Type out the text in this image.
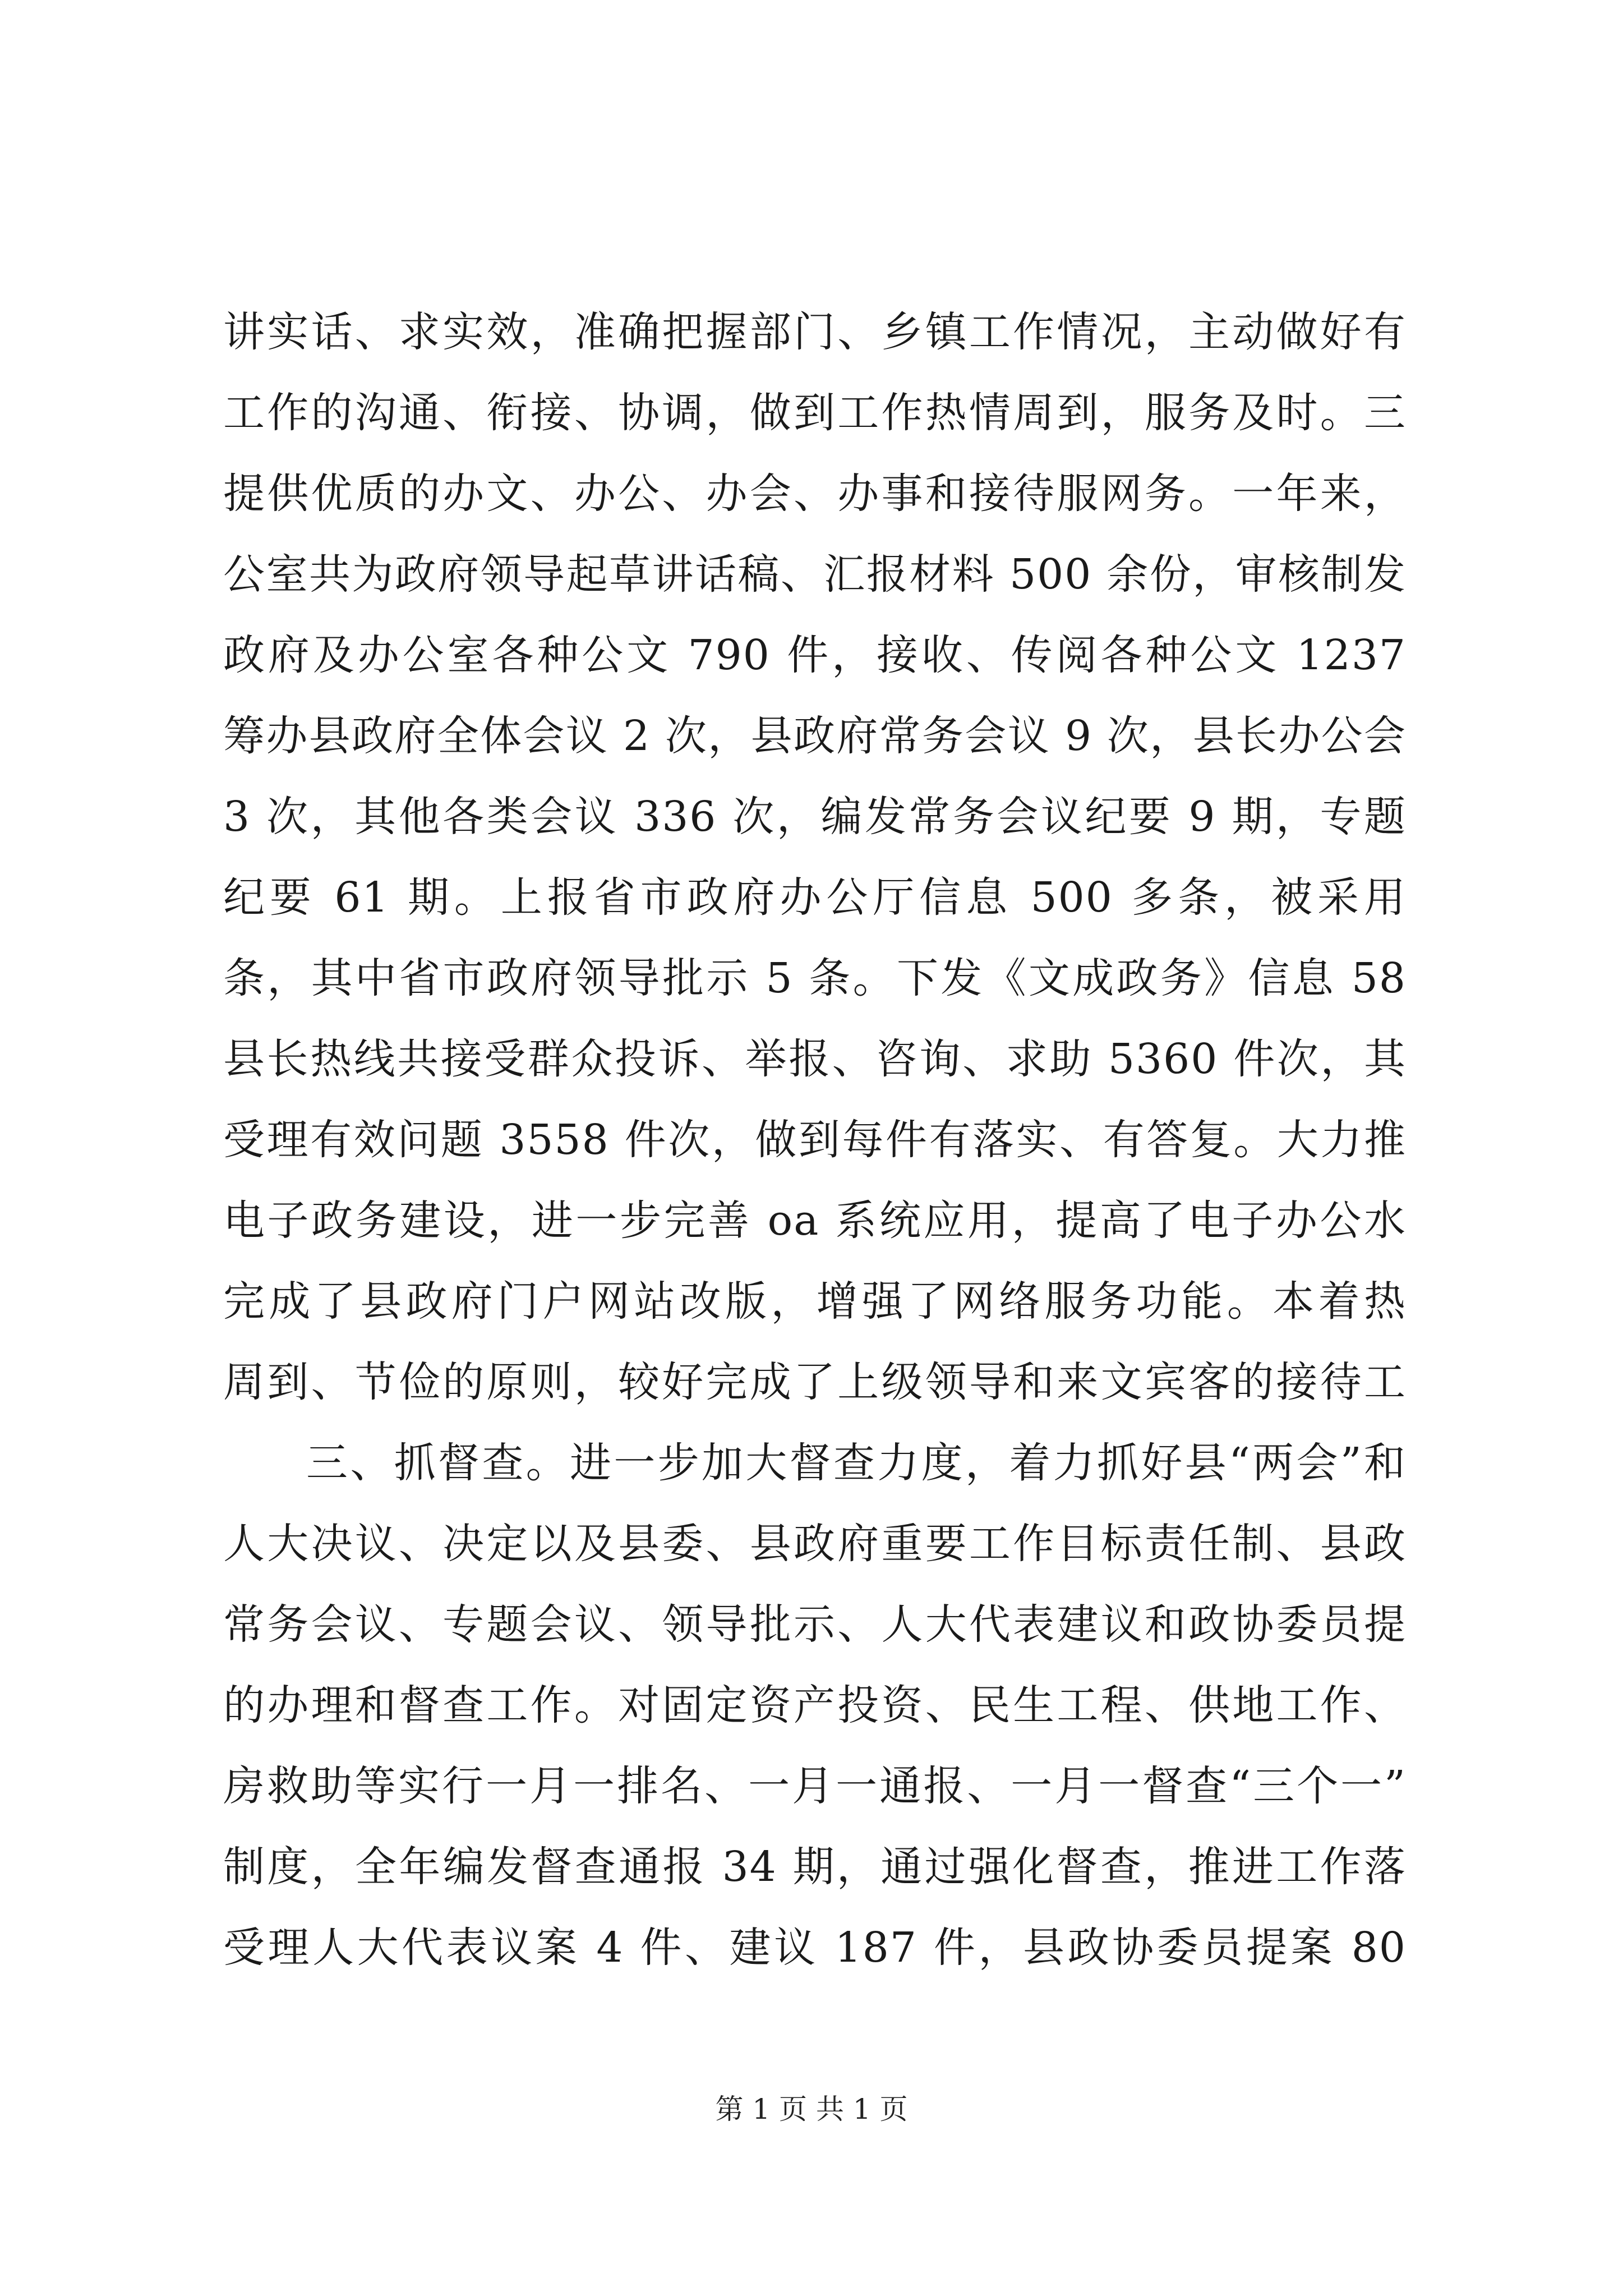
讲实话、求实效，准确把握部门、乡镇工作情况，主动做好有
工作的沟通、衔接、协调，做到工作热情周到，服务及时。三
提供优质的办文、办公、办会、办事和接待服网务。一年来，
公室共为政府领导起草讲话稿、汇报材料 500 余份，审核制发
政府及办公室各种公文 790 件，接收、传阅各种公文 1237
筹办县政府全体会议 2 次，县政府常务会议 9 次，县长办公会
3 次，其他各类会议 336 次，编发常务会议纪要 9 期，专题
纪要 61 期。上报省市政府办公厅信息 500 多条，被采用
条，其中省市政府领导批示 5 条。下发《文成政务》信息 58
县长热线共接受群众投诉、举报、咨询、求助 5360 件次，其
受理有效问题 3558 件次，做到每件有落实、有答复。大力推
电子政务建设，进一步完善 oa 系统应用，提高了电子办公水
完成了县政府门户网站改版，增强了网络服务功能。本着热
周到、节俭的原则，较好完成了上级领导和来文宾客的接待工
三、抓督查。进一步加大督查力度，着力抓好县“两会”和
人大决议、决定以及县委、县政府重要工作目标责任制、县政
常务会议、专题会议、领导批示、人大代表建议和政协委员提
的办理和督查工作。对固定资产投资、民生工程、供地工作、
房救助等实行一月一排名、一月一通报、一月一督查“三个一”
制度，全年编发督查通报 34 期，通过强化督查，推进工作落
受理人大代表议案 4 件、建议 187 件，县政协委员提案 80
第 1 页 共 1 页
